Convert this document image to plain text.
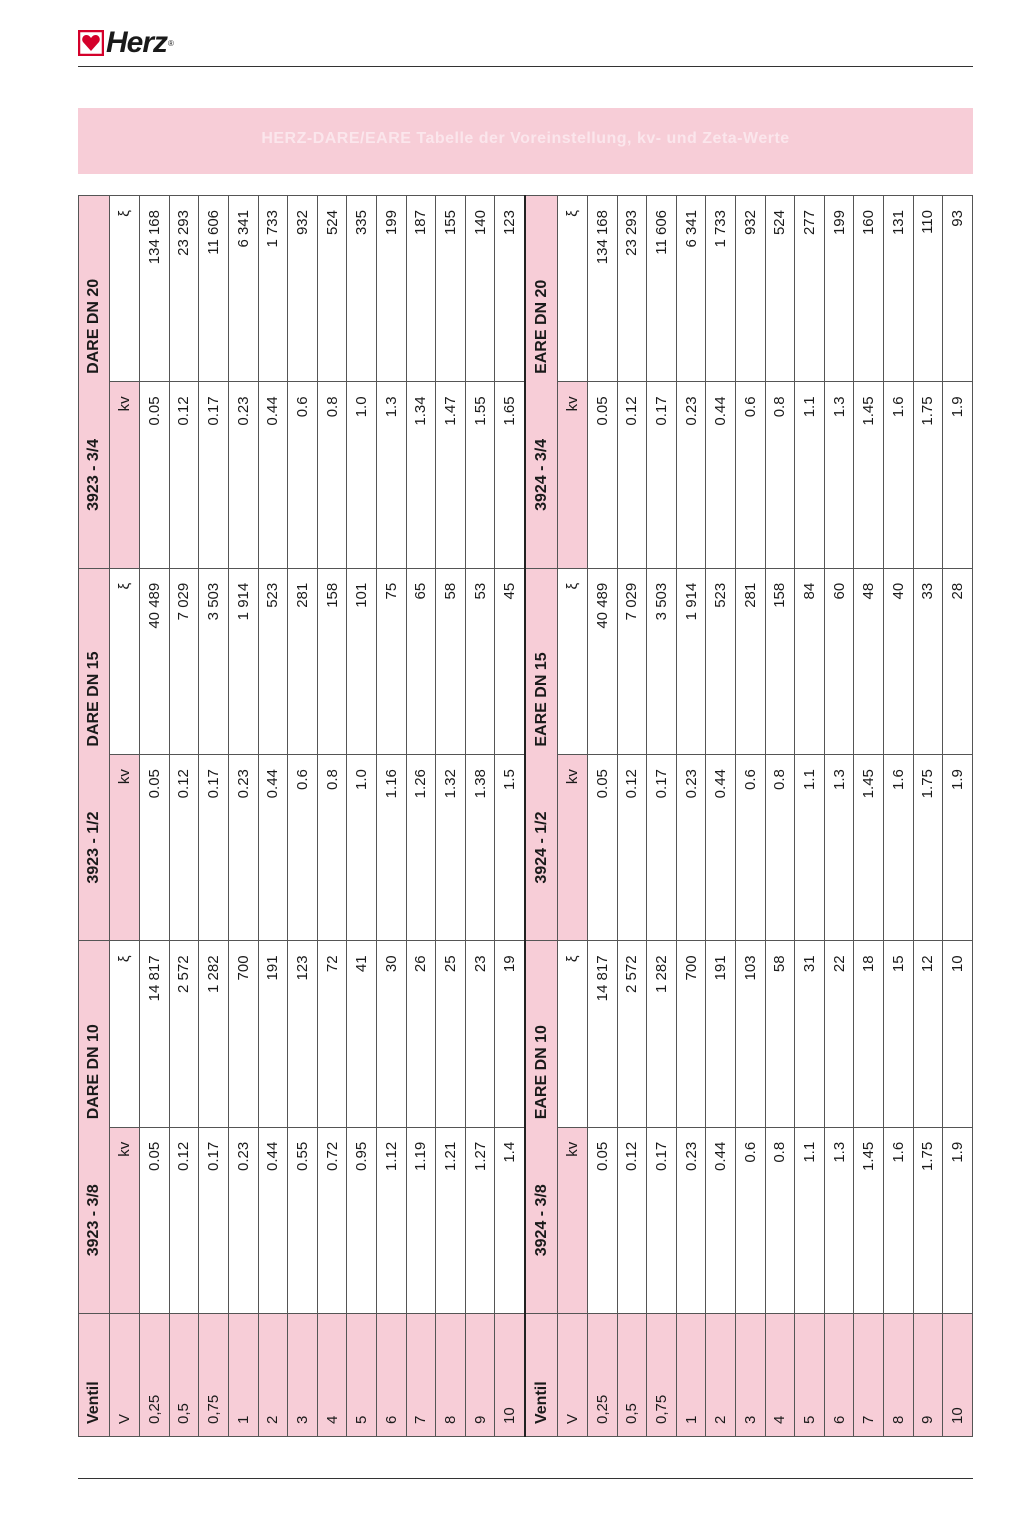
Herz ®
HERZ-DARE/EARE Tabelle der Voreinstellung, kv- und Zeta-Werte
Ventil	3923 - 3/8	DARE DN 10	3923 - 1/2	DARE DN 15	3923 - 3/4	DARE DN 20
V	kv	ξ	kv	ξ	kv	ξ
0,25	0.05	14 817	0.05	40 489	0.05	134 168
0,5	0.12	2 572	0.12	7 029	0.12	23 293
0,75	0.17	1 282	0.17	3 503	0.17	11 606
1	0.23	700	0.23	1 914	0.23	6 341
2	0.44	191	0.44	523	0.44	1 733
3	0.55	123	0.6	281	0.6	932
4	0.72	72	0.8	158	0.8	524
5	0.95	41	1.0	101	1.0	335
6	1.12	30	1.16	75	1.3	199
7	1.19	26	1.26	65	1.34	187
8	1.21	25	1.32	58	1.47	155
9	1.27	23	1.38	53	1.55	140
10	1.4	19	1.5	45	1.65	123
Ventil	3924 - 3/8	EARE DN 10	3924 - 1/2	EARE DN 15	3924 - 3/4	EARE DN 20
V	kv	ξ	kv	ξ	kv	ξ
0,25	0.05	14 817	0.05	40 489	0.05	134 168
0,5	0.12	2 572	0.12	7 029	0.12	23 293
0,75	0.17	1 282	0.17	3 503	0.17	11 606
1	0.23	700	0.23	1 914	0.23	6 341
2	0.44	191	0.44	523	0.44	1 733
3	0.6	103	0.6	281	0.6	932
4	0.8	58	0.8	158	0.8	524
5	1.1	31	1.1	84	1.1	277
6	1.3	22	1.3	60	1.3	199
7	1.45	18	1.45	48	1.45	160
8	1.6	15	1.6	40	1.6	131
9	1.75	12	1.75	33	1.75	110
10	1.9	10	1.9	28	1.9	93
